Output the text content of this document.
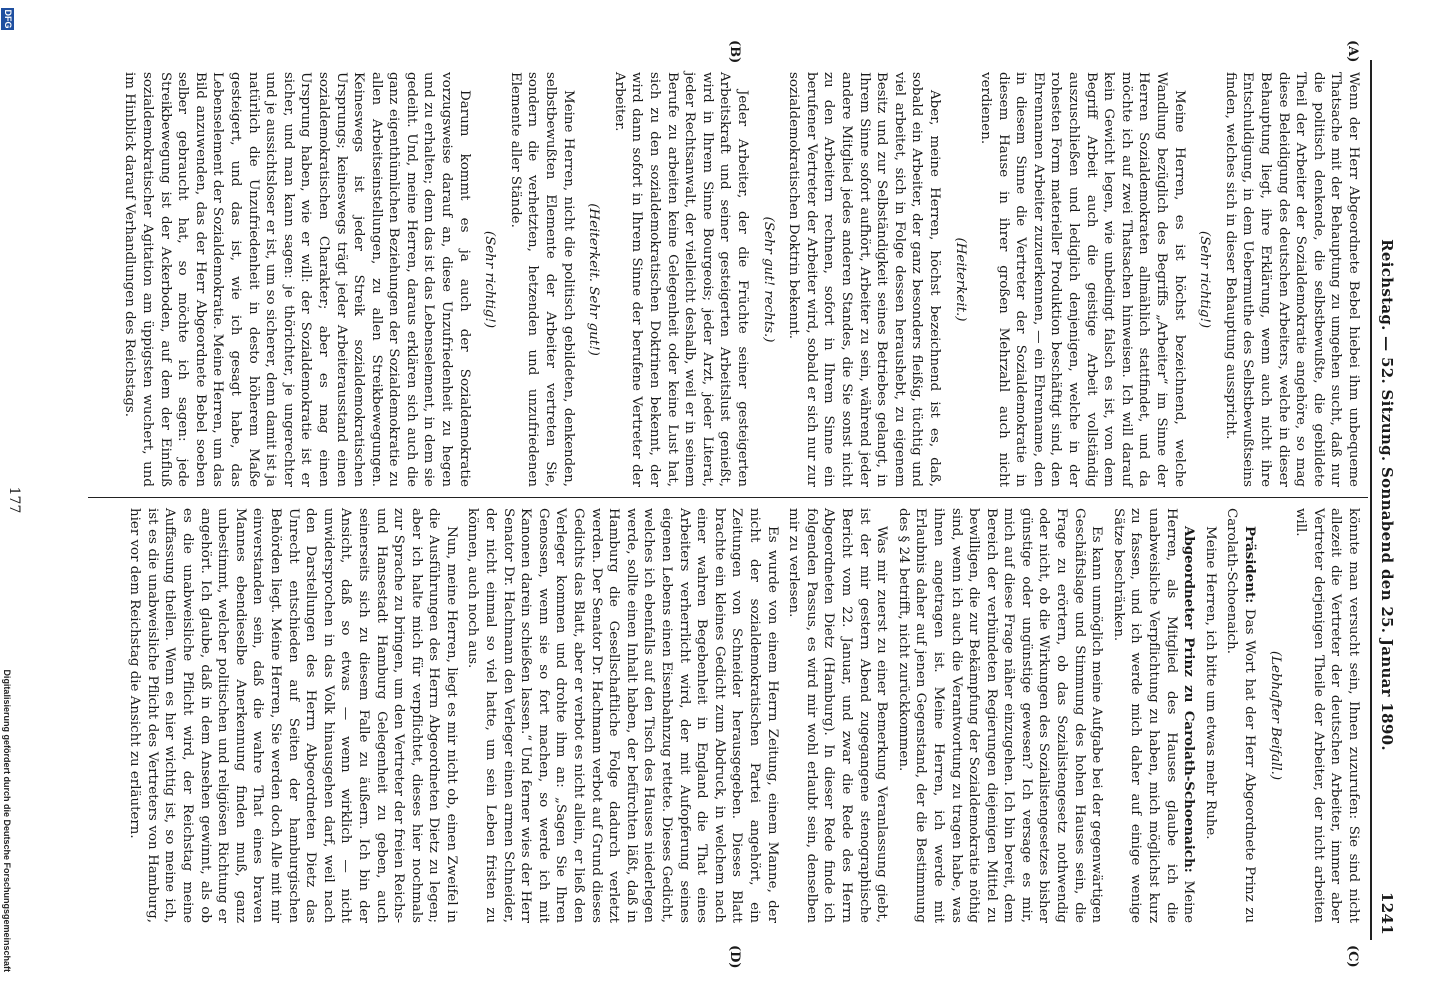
Reichstag. — 52. Sitzung. Sonnabend den 25. Januar 1890.
1241
(A)
(B)
(C)
(D)

Wenn der Herr Abgeordnete Bebel hiebei ihm unbequeme Thatsache mit der Behauptung zu umgehen sucht, daß nur die politisch denkende, die selbstbewußte, die gebildete Theil der Arbeiter der Sozialdemokratie angehöre, so mag diese Beleidigung des deutschen Arbeiters, welche in dieser Behauptung liegt, ihre Erklärung, wenn auch nicht ihre Entschuldigung, in dem Uebermuthe des Selbstbewußtseins finden, welches sich in dieser Behauptung ausspricht.

(Sehr richtig!)

Meine Herren, es ist höchst bezeichnend, welche Wandlung bezüglich des Begriffs „Arbeiter“ im Sinne der Herren Sozialdemokraten allmählich stattfindet, und da möchte ich auf zwei Thatsachen hinweisen. Ich will darauf kein Gewicht legen, wie unbedingt falsch es ist, von dem Begriff Arbeit auch die geistige Arbeit vollständig auszuschließen und lediglich denjenigen, welche in der rohesten Form materieller Produktion beschäftigt sind, den Ehrennamen Arbeiter zuzuerkennen, — ein Ehrenname, den in diesem Sinne die Vertreter der Sozialdemokratie in diesem Hause in ihrer großen Mehrzahl auch nicht verdienen.

(Heiterkeit.)

Aber, meine Herren, höchst bezeichnend ist es, daß, sobald ein Arbeiter, der ganz besonders fleißig, tüchtig und viel arbeitet, sich in Folge dessen heraushebt, zu eigenem Besitz und zur Selbständigkeit seines Betriebes gelangt, in Ihrem Sinne sofort aufhört, Arbeiter zu sein, während jeder andere Mitglied jedes anderen Standes, die Sie sonst nicht zu den Arbeitern rechnen, sofort in Ihrem Sinne ein berufener Vertreter der Arbeiter wird, sobald er sich nur zur sozialdemokratischen Doktrin bekennt.

(Sehr gut! rechts.)

Jeder Arbeiter, der die Früchte seiner gesteigerten Arbeitskraft und seiner gesteigerten Arbeitslust genießt, wird in Ihrem Sinne Bourgeois; jeder Arzt, jeder Literat, jeder Rechtsanwalt, der vielleicht deshalb, weil er in seinem Berufe zu arbeiten keine Gelegenheit oder keine Lust hat, sich zu den sozialdemokratischen Doktrinen bekennt, der wird dann sofort in Ihrem Sinne der berufene Vertreter der Arbeiter.

(Heiterkeit. Sehr gut!)

Meine Herren, nicht die politisch gebildeten, denkenden, selbstbewußten Elemente der Arbeiter vertreten Sie, sondern die verhetzten, hetzenden und unzufriedenen Elemente aller Stände.

(Sehr richtig!)

Darum kommt es ja auch der Sozialdemokratie vorzugsweise darauf an, diese Unzufriedenheit zu hegen und zu erhalten; denn das ist das Lebenselement, in dem sie gedeiht. Und, meine Herren, daraus erklären sich auch die ganz eigenthümlichen Beziehungen der Sozialdemokratie zu allen Arbeitseinstellungen, zu allen Streikbewegungen. Keineswegs ist jeder Streik sozialdemokratischen Ursprungs; keineswegs trägt jeder Arbeiterausstand einen sozialdemokratischen Charakter; aber es mag einen Ursprung haben, wie er will: der Sozialdemokratie ist er sicher, und man kann sagen: je thörichter, je ungerechter und je aussichtsloser er ist, um so sicherer, denn damit ist ja natürlich die Unzufriedenheit in desto höherem Maße gesteigert, und das ist, wie ich gesagt habe, das Lebenselement der Sozialdemokratie. Meine Herren, um das Bild anzuwenden, das der Herr Abgeordnete Bebel soeben selber gebraucht hat, so möchte ich sagen: jede Streikbewegung ist der Ackerboden, auf dem der Einfluß sozialdemokratischer Agitation am üppigsten wuchert, und im Hinblick darauf Verhandlungen des Reichstags.

könnte man versucht sein, Ihnen zuzurufen: Sie sind nicht allezeit die Vertreter der deutschen Arbeiter, immer aber Vertreter derjenigen Theile der Arbeiter, der nicht arbeiten will.

(Lebhafter Beifall.)

Präsident: Das Wort hat der Herr Abgeordnete Prinz zu Carolath-Schoenaich.

Meine Herren, ich bitte um etwas mehr Ruhe.

Abgeordneter Prinz zu Carolath-Schoenaich: Meine Herren, als Mitglied des Hauses glaube ich die unabweisliche Verpflichtung zu haben, mich möglichst kurz zu fassen, und ich werde mich daher auf einige wenige Sätze beschränken.

Es kann unmöglich meine Aufgabe bei der gegenwärtigen Geschäftslage und Stimmung des hohen Hauses sein, die Frage zu erörtern, ob das Sozialistengesetz nothwendig oder nicht, ob die Wirkungen des Sozialistengesetzes bisher günstige oder ungünstige gewesen? Ich versage es mir, mich auf diese Frage näher einzugehen. Ich bin bereit, dem Bereich der verbündeten Regierungen diejenigen Mittel zu bewilligen, die zur Bekämpfung der Sozialdemokratie nöthig sind, wenn ich auch die Verantwortung zu tragen habe, was ihnen angetragen ist. Meine Herren, ich werde mit Erlaubnis daher auf jenen Gegenstand, der die Bestimmung des § 24 betrifft, nicht zurückkommen.

Was mir zuerst zu einer Bemerkung Veranlassung giebt, ist der mir gestern Abend zugegangene stenographische Bericht vom 22. Januar, und zwar die Rede des Herrn Abgeordneten Dietz (Hamburg). In dieser Rede finde ich folgenden Passus, es wird mir wohl erlaubt sein, denselben mir zu verlesen.

Es wurde von einem Herrn Zeitung, einem Manne, der nicht der sozialdemokratischen Partei angehört, ein Zeitungen von Schneider herausgegeben. Dieses Blatt brachte ein kleines Gedicht zum Abdruck, in welchem nach einer wahren Begebenheit in England die That eines Arbeiters verherrlicht wird, der mit Aufopferung seines eigenen Lebens einen Eisenbahnzug rettete. Dieses Gedicht, welches ich ebenfalls auf den Tisch des Hauses niederlegen werde, sollte einen Inhalt haben, der befürchten läßt, daß in Hamburg die Gesellschaftliche Folge dadurch verletzt werden. Der Senator Dr. Hachmann verbot auf Grund dieses Gedichts das Blatt, aber er verbot es nicht allein, er ließ den Verleger kommen und drohte ihm an: „Sagen Sie Ihren Genossen, wenn sie so fort machen, so werde ich mit Kanonen darein schießen lassen.“ Und ferner wies der Herr Senator Dr. Hachmann den Verleger einen armen Schneider, der nicht einmal so viel hatte, um sein Leben fristen zu können, auch noch aus.

Nun, meine Herren, liegt es mir nicht ob, einen Zweifel in die Ausführungen des Herrn Abgeordneten Dietz zu legen; aber ich halte mich für verpflichtet, dieses hier nochmals zur Sprache zu bringen, um den Vertreter der freien Reichs- und Hansestadt Hamburg Gelegenheit zu geben, auch seinerseits sich zu diesem Falle zu äußern. Ich bin der Ansicht, daß so etwas — wenn wirklich — nicht unwidersprochen in das Volk hinausgehen darf, weil nach den Darstellungen des Herrn Abgeordneten Dietz das Unrecht entschieden auf Seiten der hamburgischen Behörden liegt. Meine Herren, Sie werden doch Alle mit mir einverstanden sein, daß die wahre That eines braven Mannes ebendieselbe Anerkennung finden muß, ganz unbestimmt, welcher politischen und religiösen Richtung er angehört. Ich glaube, daß in dem Ansehen gewinnt, als ob es die unabweisliche Pflicht wird, der Reichstag meine Auffassung theilen. Wenn es hier wichtig ist, so meine ich, ist es die unabweisliche Pflicht des Vertreters von Hamburg, hier vor dem Reichstag die Ansicht zu erläutern.

177
DFG
Digitalisierung gefördert durch die Deutsche Forschungsgemeinschaft
